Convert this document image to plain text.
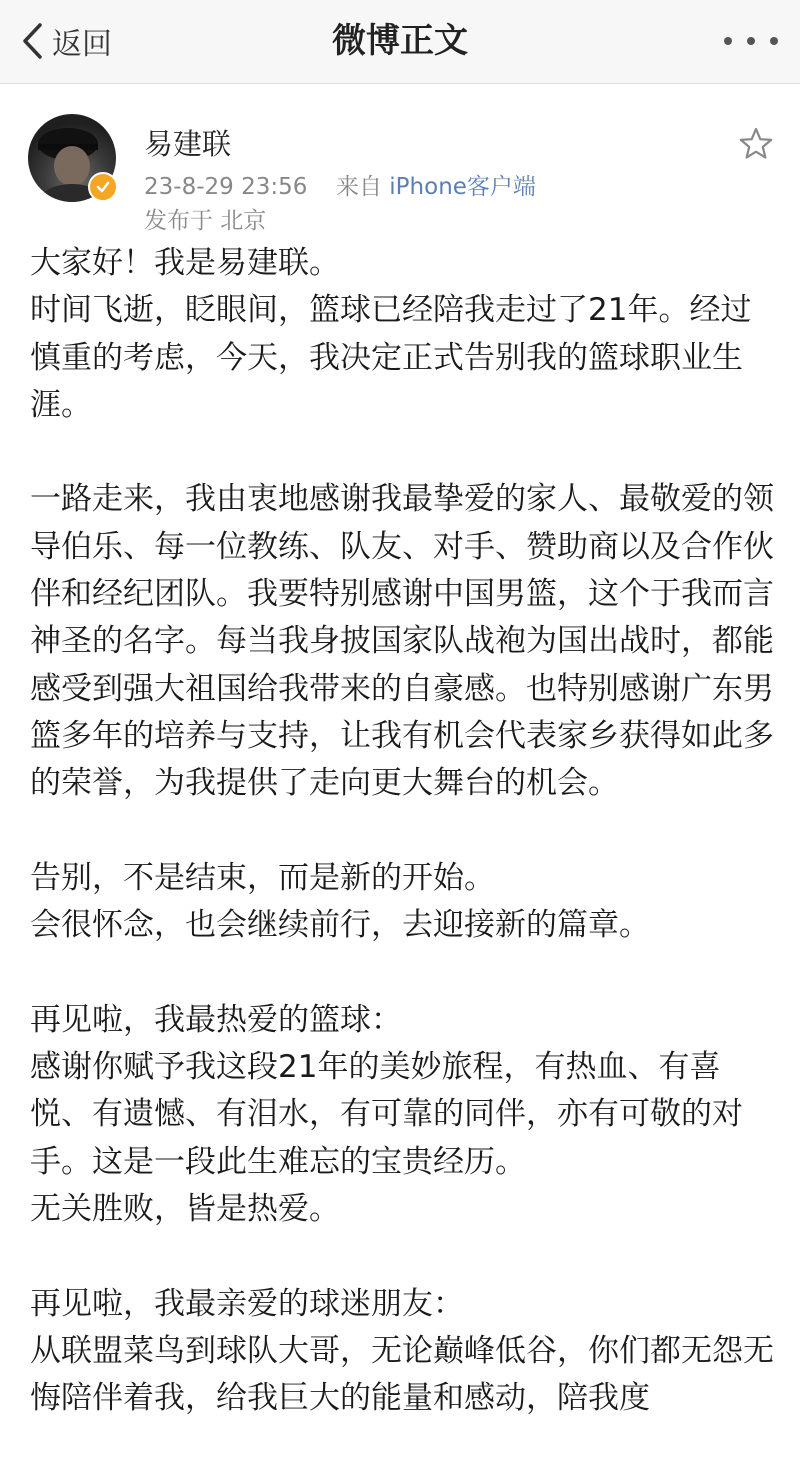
返回	微博正文
易建联
23-8-29 23:56 来自 iPhone客户端
发布于 北京

大家好！我是易建联。

时间飞逝，眨眼间，篮球已经陪我走过了21年。经过慎重的考虑，今天，我决定正式告别我的篮球职业生涯。

一路走来，我由衷地感谢我最挚爱的家人、最敬爱的领导伯乐、每一位教练、队友、对手、赞助商以及合作伙伴和经纪团队。我要特别感谢中国男篮，这个于我而言神圣的名字。每当我身披国家队战袍为国出战时，都能感受到强大祖国给我带来的自豪感。也特别感谢广东男篮多年的培养与支持，让我有机会代表家乡获得如此多的荣誉，为我提供了走向更大舞台的机会。

告别，不是结束，而是新的开始。

会很怀念，也会继续前行，去迎接新的篇章。

再见啦，我最热爱的篮球：

感谢你赋予我这段21年的美妙旅程，有热血、有喜悦、有遗憾、有泪水，有可靠的同伴，亦有可敬的对手。这是一段此生难忘的宝贵经历。

无关胜败，皆是热爱。

再见啦，我最亲爱的球迷朋友：

从联盟菜鸟到球队大哥，无论巅峰低谷，你们都无怨无悔陪伴着我，给我巨大的能量和感动，陪我度
